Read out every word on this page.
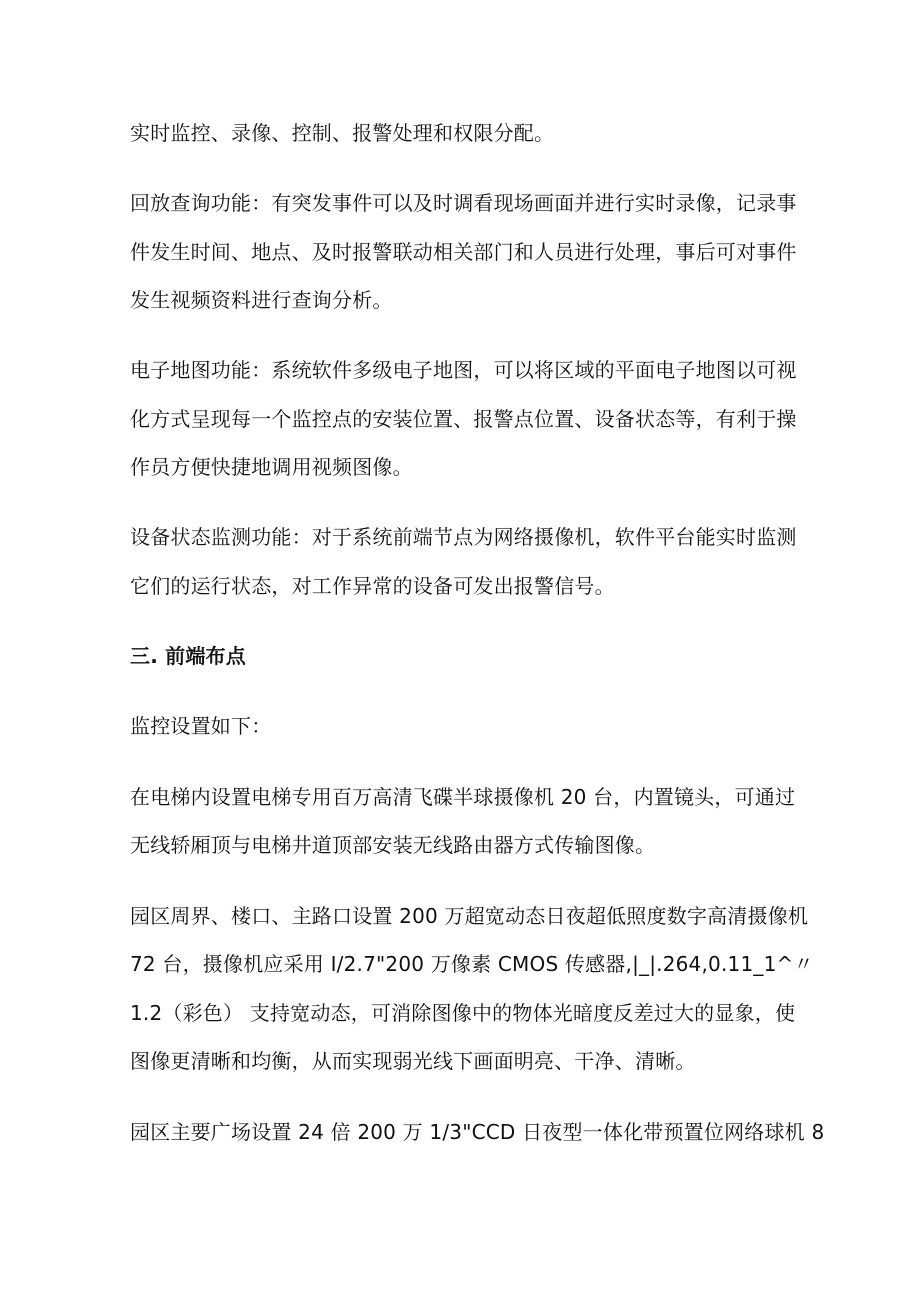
实时监控、录像、控制、报警处理和权限分配。
回放查询功能：有突发事件可以及时调看现场画面并进行实时录像，记录事
件发生时间、地点、及时报警联动相关部门和人员进行处理，事后可对事件
发生视频资料进行查询分析。
电子地图功能：系统软件多级电子地图，可以将区域的平面电子地图以可视
化方式呈现每一个监控点的安装位置、报警点位置、设备状态等，有利于操
作员方便快捷地调用视频图像。
设备状态监测功能：对于系统前端节点为网络摄像机，软件平台能实时监测
它们的运行状态，对工作异常的设备可发出报警信号。
三. 前端布点
监控设置如下：
在电梯内设置电梯专用百万高清飞碟半球摄像机 20 台，内置镜头，可通过
无线轿厢顶与电梯井道顶部安装无线路由器方式传输图像。
园区周界、楼口、主路口设置 200 万超宽动态日夜超低照度数字高清摄像机
72 台，摄像机应采用 I/2.7"200 万像素 CMOS 传感器,|_|.264,0.11_1^〃
1.2（彩色） 支持宽动态，可消除图像中的物体光暗度反差过大的显象，使
图像更清晰和均衡，从而实现弱光线下画面明亮、干净、清晰。
园区主要广场设置 24 倍 200 万 1/3"CCD 日夜型一体化带预置位网络球机 8
